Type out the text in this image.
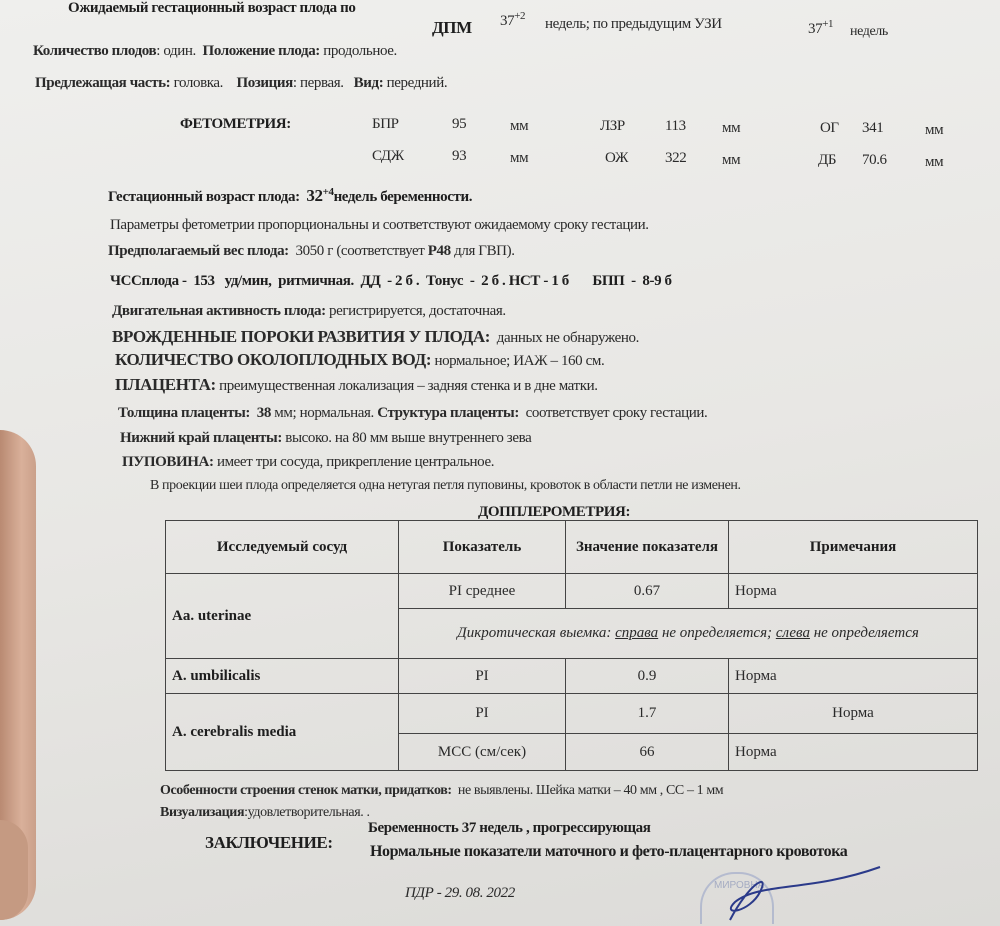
Ожидаемый гестационный возраст плода по
ДПМ $37^{+2}$ недель; по предыдущим УЗИ	$37^{+1}$ недель
Количество плодов: один. Положение плода: продольное.
Предлежащая часть: головка. Позиция: первая. Вид: передний.
ФЕТОМЕТРИЯ:	БПР	95	мм	ЛЗР	113 мм	ОГ 341	мм
СДЖ	93	мм	ОЖ 322 мм	ДБ 70.6	мм
Гестационный возраст плода: $32^{+4}недель$ беременности.
Параметры фетометрии пропорциональны и соответствуют ожидаемому сроку гестации.
Предполагаемый вес плода: 3050 г (соответствует Р48 для ГВП).
ЧССплода -  153   уд/мин,  ритмичная.  ДД  - 2 б .  Тонус  -  2 б . НСТ - 1 б       БПП  -  8-9 б
Двигательная активность плода: регистрируется, достаточная.
ВРОЖДЕННЫЕ ПОРОКИ РАЗВИТИЯ У ПЛОДА: данных не обнаружено.
КОЛИЧЕСТВО ОКОЛОПЛОДНЫХ ВОД: нормальное; ИАЖ – 160 см.
ПЛАЦЕНТА: преимущественная локализация – задняя стенка и в дне матки.
Толщина плаценты: 38 мм; нормальная. Структура плаценты: соответствует сроку гестации.
Нижний край плаценты: высоко. на 80 мм выше внутреннего зева
ПУПОВИНА: имеет три сосуда, прикрепление центральное.
В проекции шеи плода определяется одна нетугая петля пуповины, кровоток в области петли не изменен.
ДОППЛЕРОМЕТРИЯ:
Исследуемый сосуд	Показатель	Значение показателя	Примечания
Aa. uterinae	PI среднее	0.67	Норма
	Дикротическая выемка: справа не определяется; слева не определяется		
A. umbilicalis	PI	0.9	Норма
A. cerebralis media	PI	1.7	Норма
	МСС (см/сек)	66	Норма
Особенности строения стенок матки, придатков: не выявлены. Шейка матки – 40 мм , СС – 1 мм
Визуализация:удовлетворительная. .
ЗАКЛЮЧЕНИЕ:
Беременность 37 недель , прогрессирующая
Нормальные показатели маточного и фето-плацентарного кровотока
ПДР - 29. 08. 2022	МИРОВНА
